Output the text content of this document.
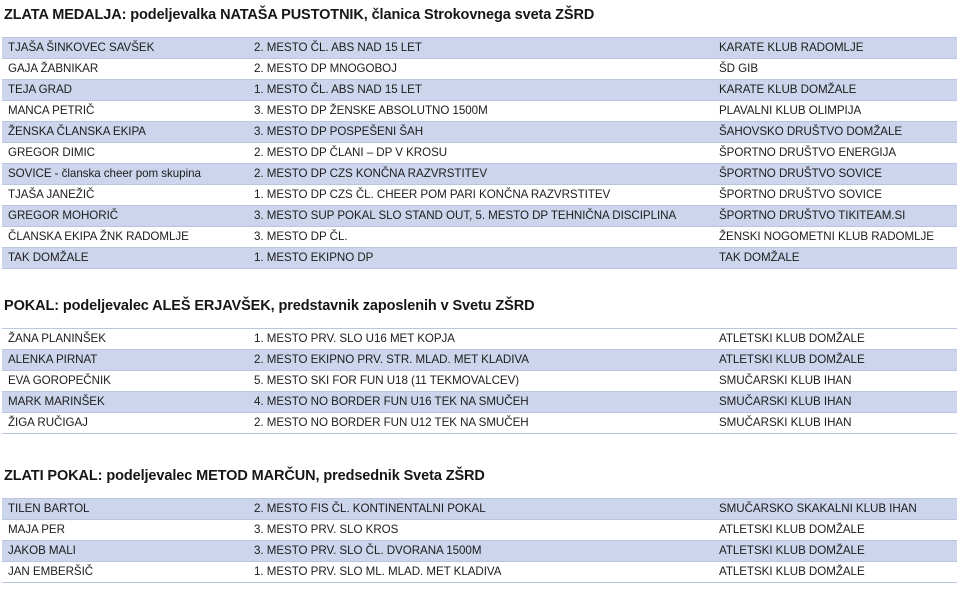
ZLATA MEDALJA: podeljevalka NATAŠA PUSTOTNIK, članica Strokovnega sveta ZŠRD
TJAŠA ŠINKOVEC SAVŠEK	2. MESTO ČL. ABS NAD 15 LET	KARATE KLUB RADOMLJE
GAJA ŽABNIKAR	2. MESTO DP MNOGOBOJ	ŠD GIB
TEJA GRAD	1. MESTO ČL. ABS NAD 15 LET	KARATE KLUB DOMŽALE
MANCA PETRIČ	3. MESTO DP ŽENSKE ABSOLUTNO 1500M	PLAVALNI KLUB OLIMPIJA
ŽENSKA ČLANSKA EKIPA	3. MESTO DP POSPEŠENI ŠAH	ŠAHOVSKO DRUŠTVO DOMŽALE
GREGOR DIMIC	2. MESTO DP ČLANI – DP V KROSU	ŠPORTNO DRUŠTVO ENERGIJA
SOVICE - članska cheer pom skupina	2. MESTO DP CZS KONČNA RAZVRSTITEV	ŠPORTNO DRUŠTVO SOVICE
TJAŠA JANEŽIČ	1. MESTO DP CZS ČL. CHEER POM PARI KONČNA RAZVRSTITEV	ŠPORTNO DRUŠTVO SOVICE
GREGOR MOHORIČ	3. MESTO SUP POKAL SLO STAND OUT, 5. MESTO DP TEHNIČNA DISCIPLINA	ŠPORTNO DRUŠTVO TIKITEAM.SI
ČLANSKA EKIPA ŽNK RADOMLJE	3. MESTO DP ČL.	ŽENSKI NOGOMETNI KLUB RADOMLJE
TAK DOMŽALE	1. MESTO EKIPNO DP	TAK DOMŽALE
POKAL: podeljevalec ALEŠ ERJAVŠEK, predstavnik zaposlenih v Svetu ZŠRD
ŽANA PLANINŠEK	1. MESTO PRV. SLO U16 MET KOPJA	ATLETSKI KLUB DOMŽALE
ALENKA PIRNAT	2. MESTO EKIPNO PRV. STR. MLAD. MET KLADIVA	ATLETSKI KLUB DOMŽALE
EVA GOROPEČNIK	5. MESTO SKI FOR FUN U18 (11 TEKMOVALCEV)	SMUČARSKI KLUB IHAN
MARK MARINŠEK	4. MESTO NO BORDER FUN U16 TEK NA SMUČEH	SMUČARSKI KLUB IHAN
ŽIGA RUČIGAJ	2. MESTO NO BORDER FUN U12 TEK NA SMUČEH	SMUČARSKI KLUB IHAN
ZLATI POKAL: podeljevalec METOD MARČUN, predsednik Sveta ZŠRD
TILEN BARTOL	2. MESTO FIS ČL. KONTINENTALNI POKAL	SMUČARSKO SKAKALNI KLUB IHAN
MAJA PER	3. MESTO PRV. SLO KROS	ATLETSKI KLUB DOMŽALE
JAKOB MALI	3. MESTO PRV. SLO ČL. DVORANA 1500M	ATLETSKI KLUB DOMŽALE
JAN EMBERŠIČ	1. MESTO PRV. SLO ML. MLAD. MET KLADIVA	ATLETSKI KLUB DOMŽALE
